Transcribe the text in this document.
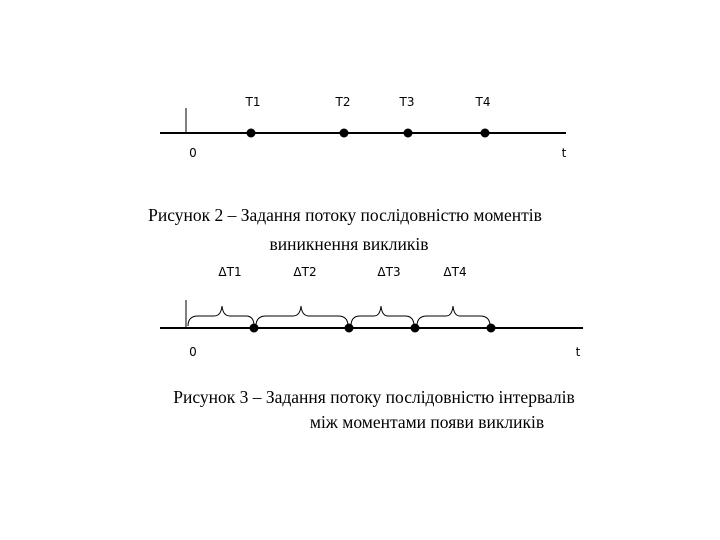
T1	T2	T3	T4
0	t
Рисунок 2 – Задання потоку послідовністю моментів
виникнення викликів
ΔT1	ΔT2	ΔT3	ΔT4
0	t
Рисунок 3 – Задання потоку послідовністю інтервалів
між моментами появи викликів
